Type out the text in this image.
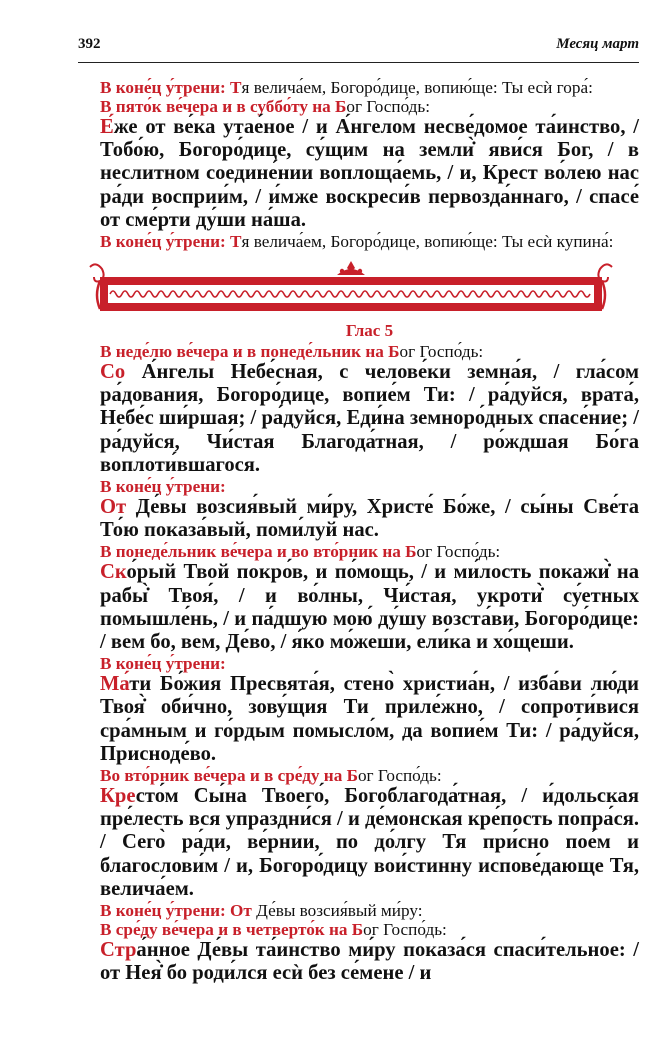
392	Месяц март

В коне́ц у́трени: Тя велича́ем, Богоро́дице, вопию́ще: Ты есѝ гора́:

В пято́к ве́чера и в суббо́ту на Бог Госпо́дь:

Е́же от ве́ка утае́ное / и А́нгелом несве́домое та́инство, / Тобо́ю, Богоро́дице, су́щим на земли̇̀ яви́ся Бог, / в неслитном соедине́нии воплоща́емь, / и, Крест во́лею нас ра́ди восприи́м, / и́мже воскреси́в первозда́ннаго, / спасе́ от сме́рти ду́ши на́ша.

В коне́ц у́трени: Тя велича́ем, Богоро́дице, вопию́ще: Ты есѝ купина́:

Глас 5

В неде́лю ве́чера и в понеде́льник на Бог Госпо́дь:

Со А́нгелы Небе́сная, с челове́ки земна́я, / гла́сом ра́дования, Богоро́дице, вопие́м Ти: / ра́дуйся, врата́, Небе́с ши́ршая; / ра́дуйся, Еди́на земноро́дных спасе́ние; / ра́дуйся, Чи́стая Благода́тная, / ро́ждшая Бо́га воплоти́вшагося.

В коне́ц у́трени:

От Де́вы возсия́вый ми́ру, Христе́ Бо́же, / сы́ны Све́та То́ю показа́вый, поми́луй нас.

В понеде́льник ве́чера и во вто́рник на Бог Госпо́дь:

Ско́рый Твой покро́в, и по́мощь, / и ми́лость покажи̇̀ на рабы̇̀ Твоя́, / и во́лны, Чи́стая, укроти̇̀ су́етных помышле́нь, / и па́дшую мою́ ду́шу возста́ви, Богоро́дице: / вем бо, вем, Де́во, / я́ко мо́жеши, ели́ка и хо́щеши.

В коне́ц у́трени:

Ма́ти Бо́жия Пресвята́я, стено̀ христиа́н, / изба́ви лю́ди Твоя̇̀ оби́чно, зову́щия Ти приле́жно, / сопроти́вися сра́мным и го́рдым помысло́м, да вопие́м Ти: / ра́дуйся, Присноде́во.

Во вто́рник ве́чера и в сре́ду на Бог Госпо́дь:

Кресто́м Сы́на Твоего́, Богоблагода́тная, / и́дольская пре́лесть вся упраздни́ся / и де́монская кре́пость попра́ся. / Сего̀ ра́ди, ве́рнии, по до́лгу Тя при́сно пое́м и благослови́м / и, Богоро́дицу вои́стинну испове́дающе Тя, велича́ем.

В коне́ц у́трени: От Де́вы возсия́вый ми́ру:

В сре́ду ве́чера и в четверто́к на Бог Госпо́дь:

Стра́нное Де́вы та́инство ми́ру показа́ся спаси́тельное: / от Нея̇̀ бо роди́лся есѝ без се́мене / и
